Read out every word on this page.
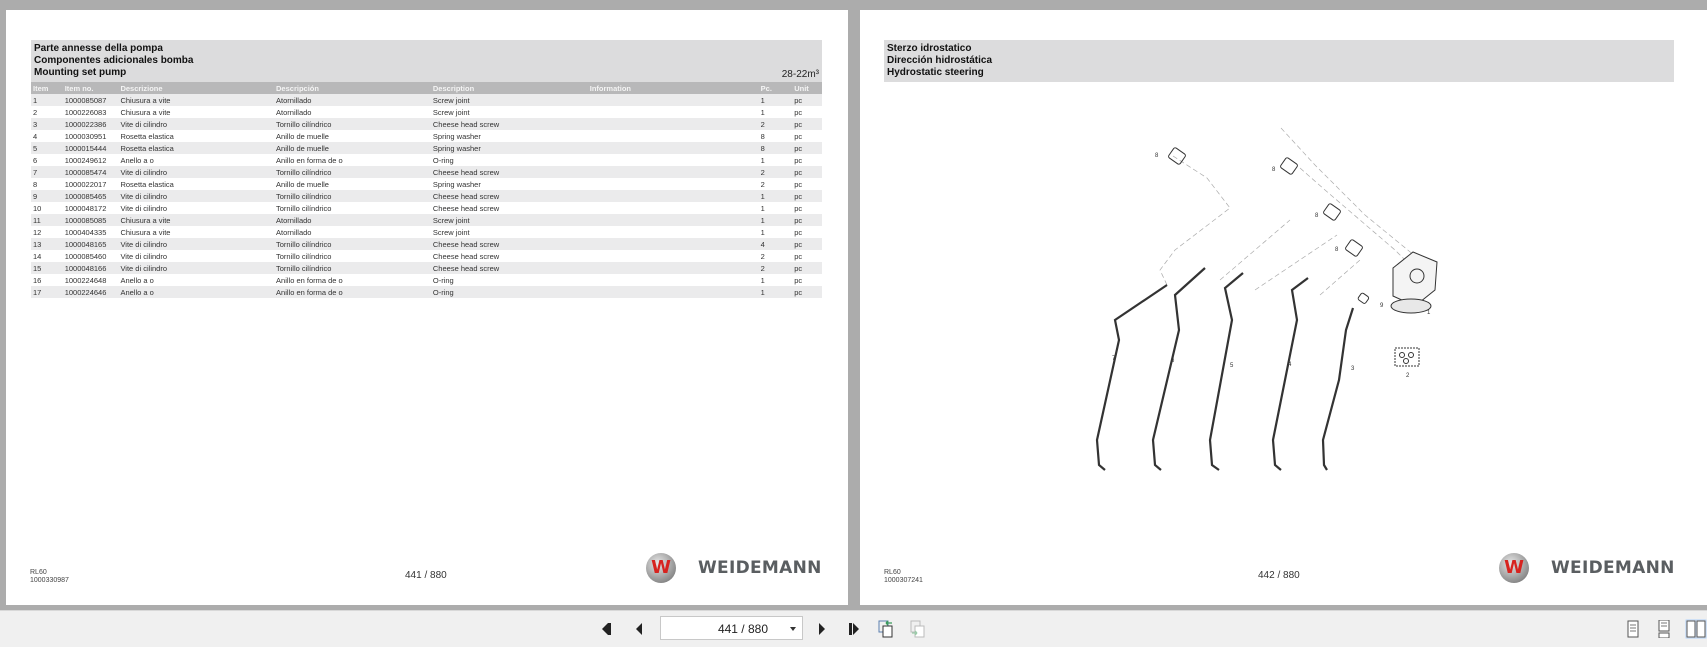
Parte annesse della pompa
Componentes adicionales bomba
Mounting set pump	28-22m³
Item	Item no.	Descrizione	Descripción	Description	Information	Pc.	Unit
1	1000085087	Chiusura a vite	Atornillado	Screw joint		1	pc
2	1000226083	Chiusura a vite	Atornillado	Screw joint		1	pc
3	1000022386	Vite di cilindro	Tornillo cilíndrico	Cheese head screw		2	pc
4	1000030951	Rosetta elastica	Anillo de muelle	Spring washer		8	pc
5	1000015444	Rosetta elastica	Anillo de muelle	Spring washer		8	pc
6	1000249612	Anello a o	Anillo en forma de o	O-ring		1	pc
7	1000085474	Vite di cilindro	Tornillo cilíndrico	Cheese head screw		2	pc
8	1000022017	Rosetta elastica	Anillo de muelle	Spring washer		2	pc
9	1000085465	Vite di cilindro	Tornillo cilíndrico	Cheese head screw		1	pc
10	1000048172	Vite di cilindro	Tornillo cilíndrico	Cheese head screw		1	pc
11	1000085085	Chiusura a vite	Atornillado	Screw joint		1	pc
12	1000404335	Chiusura a vite	Atornillado	Screw joint		1	pc
13	1000048165	Vite di cilindro	Tornillo cilíndrico	Cheese head screw		4	pc
14	1000085460	Vite di cilindro	Tornillo cilíndrico	Cheese head screw		2	pc
15	1000048166	Vite di cilindro	Tornillo cilíndrico	Cheese head screw		2	pc
16	1000224648	Anello a o	Anillo en forma de o	O-ring		1	pc
17	1000224646	Anello a o	Anillo en forma de o	O-ring		1	pc
RL60
1000330987	441 / 880	W WEIDEMANN
Sterzo idrostatico
Dirección hidrostática
Hydrostatic steering
8
8
8
8
9
1
2
3
4
5
6
7
RL60
1000307241	442 / 880	W WEIDEMANN
441 / 880
